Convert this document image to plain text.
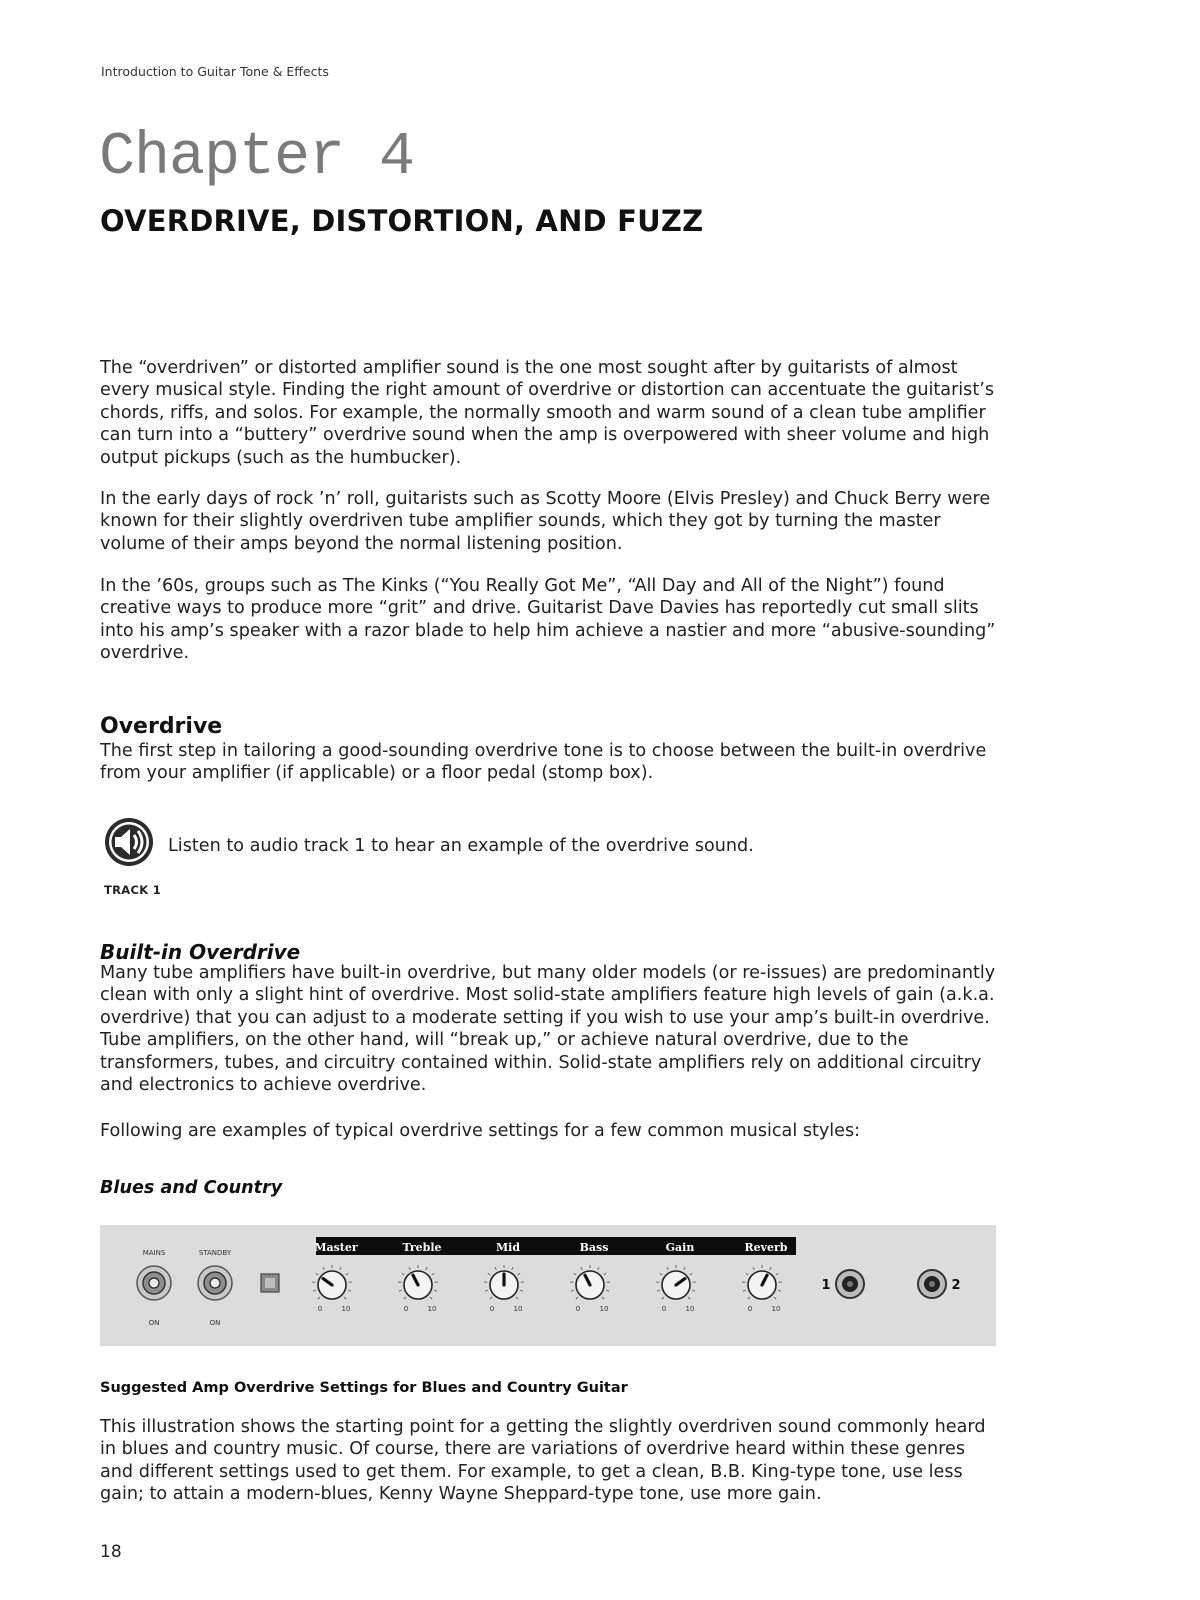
Introduction to Guitar Tone & Effects
Chapter 4
OVERDRIVE, DISTORTION, AND FUZZ

The “overdriven” or distorted amplifier sound is the one most sought after by guitarists of almost every musical style. Finding the right amount of overdrive or distortion can accentuate the guitarist’s chords, riffs, and solos. For example, the normally smooth and warm sound of a clean tube amplifier can turn into a “buttery” overdrive sound when the amp is overpowered with sheer volume and high output pickups (such as the humbucker).

In the early days of rock ’n’ roll, guitarists such as Scotty Moore (Elvis Presley) and Chuck Berry were known for their slightly overdriven tube amplifier sounds, which they got by turning the master volume of their amps beyond the normal listening position.

In the ’60s, groups such as The Kinks (“You Really Got Me”, “All Day and All of the Night”) found creative ways to produce more “grit” and drive. Guitarist Dave Davies has reportedly cut small slits into his amp’s speaker with a razor blade to help him achieve a nastier and more “abusive-sounding” overdrive.

Overdrive

The first step in tailoring a good-sounding overdrive tone is to choose between the built-in overdrive from your amplifier (if applicable) or a floor pedal (stomp box).

Listen to audio track 1 to hear an example of the overdrive sound.
TRACK 1
Built-in Overdrive

Many tube amplifiers have built-in overdrive, but many older models (or re-issues) are predominantly clean with only a slight hint of overdrive. Most solid-state amplifiers feature high levels of gain (a.k.a. overdrive) that you can adjust to a moderate setting if you wish to use your amp’s built-in overdrive. Tube amplifiers, on the other hand, will “break up,” or achieve natural overdrive, due to the transformers, tubes, and circuitry contained within. Solid-state amplifiers rely on additional circuitry and electronics to achieve overdrive.

Following are examples of typical overdrive settings for a few common musical styles:

Blues and Country
MAINS	STANDBY
ON	ON
Master	Treble	Mid	Bass	Gain	Reverb
0	10	0	10	0	10	0	10	0	10	0	10
1	2
Suggested Amp Overdrive Settings for Blues and Country Guitar

This illustration shows the starting point for a getting the slightly overdriven sound commonly heard in blues and country music. Of course, there are variations of overdrive heard within these genres and different settings used to get them. For example, to get a clean, B.B. King-type tone, use less gain; to attain a modern-blues, Kenny Wayne Sheppard-type tone, use more gain.

18
